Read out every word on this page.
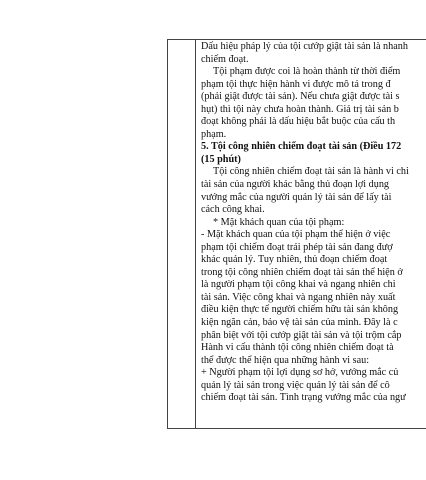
Dấu hiệu pháp lý của tội cướp giật tài sản là nhanh

chiếm đoạt.

Tội phạm được coi là hoàn thành từ thời điểm

phạm tội thực hiện hành vi được mô tả trong đ

(phải giật được tài sản). Nếu chưa giật được tài s

hụt) thì tội này chưa hoàn thành. Giá trị tài sản b

đoạt không phải là dấu hiệu bắt buộc của cấu th

phạm.

5. Tội công nhiên chiếm đoạt tài sản (Điều 172

(15 phút)

Tội công nhiên chiếm đoạt tài sản là hành vi chi

tài sản của người khác bằng thủ đoạn lợi dụng

vướng mắc của người quản lý tài sản để lấy tài

cách công khai.

* Mặt khách quan của tội phạm:

- Mặt khách quan của tội phạm thể hiện ở việc

phạm tội chiếm đoạt trái phép tài sản đang đượ

khác quản lý. Tuy nhiên, thủ đoạn chiếm đoạt

trong tội công nhiên chiếm đoạt tài sản thể hiện ở

là người phạm tội công khai và ngang nhiên chi

tài sản. Việc công khai và ngang nhiên này xuất

điều kiện thực tế người chiếm hữu tài sản không

kiện ngăn cản, bảo vệ tài sản của mình. Đây là c

phân biệt với tội cướp giật tài sản và tội trộm cắp

Hành vi cấu thành tội công nhiên chiếm đoạt tà

thể được thể hiện qua những hành vi sau:

+ Người phạm tội lợi dụng sơ hở, vướng mắc củ

quản lý tài sản trong việc quản lý tài sản để cô

chiếm đoạt tài sản. Tình trạng vướng mắc của ngư
